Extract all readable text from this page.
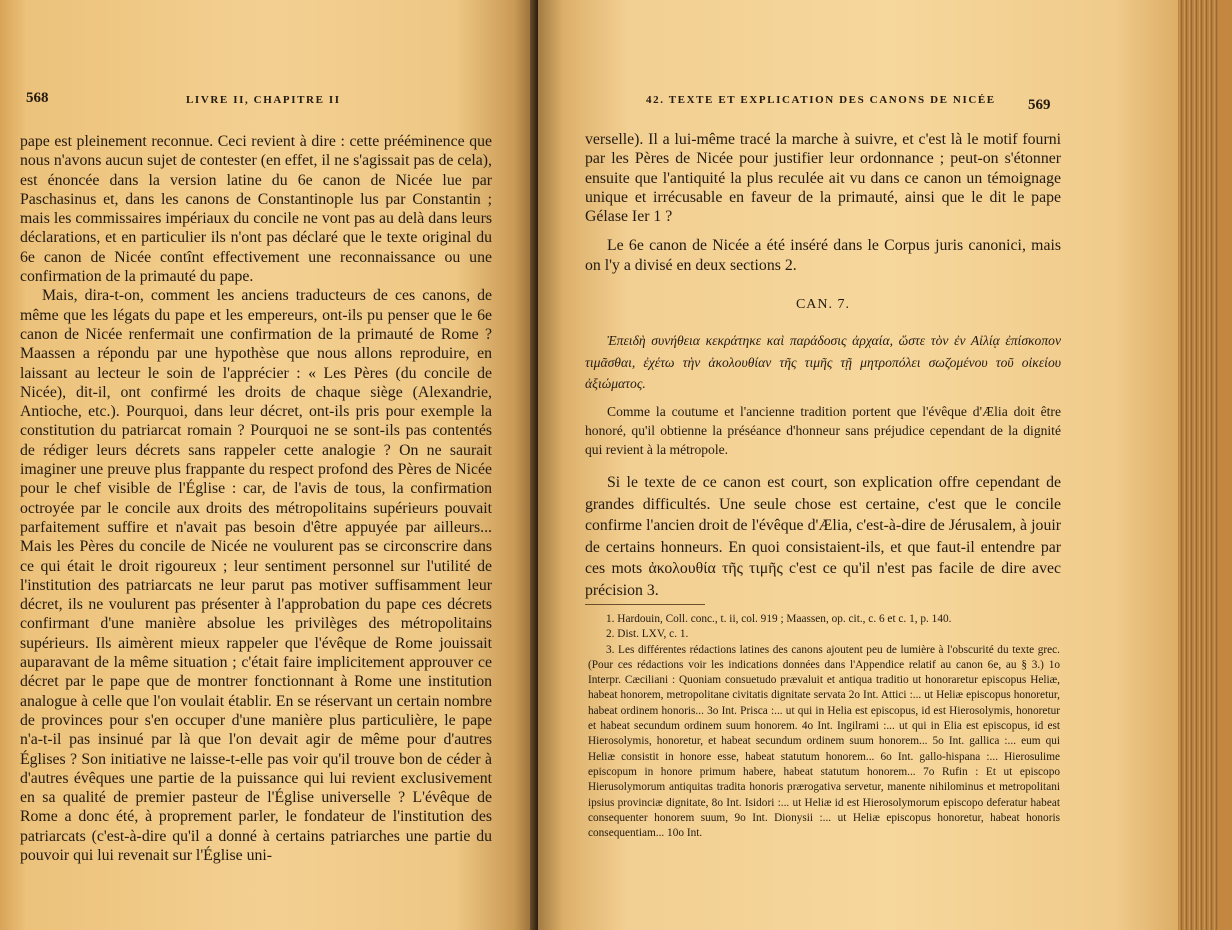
568	LIVRE II, CHAPITRE II

pape est pleinement reconnue. Ceci revient à dire : cette prééminence que nous n'avons aucun sujet de contester (en effet, il ne s'agissait pas de cela), est énoncée dans la version latine du 6e canon de Nicée lue par Paschasinus et, dans les canons de Constantinople lus par Constantin ; mais les commissaires impériaux du concile ne vont pas au delà dans leurs déclarations, et en particulier ils n'ont pas déclaré que le texte original du 6e canon de Nicée contînt effectivement une reconnaissance ou une confirmation de la primauté du pape.

Mais, dira-t-on, comment les anciens traducteurs de ces canons, de même que les légats du pape et les empereurs, ont-ils pu penser que le 6e canon de Nicée renfermait une confirmation de la primauté de Rome ? Maassen a répondu par une hypothèse que nous allons reproduire, en laissant au lecteur le soin de l'apprécier : « Les Pères (du concile de Nicée), dit-il, ont confirmé les droits de chaque siège (Alexandrie, Antioche, etc.). Pourquoi, dans leur décret, ont-ils pris pour exemple la constitution du patriarcat romain ? Pourquoi ne se sont-ils pas contentés de rédiger leurs décrets sans rappeler cette analogie ? On ne saurait imaginer une preuve plus frappante du respect profond des Pères de Nicée pour le chef visible de l'Église : car, de l'avis de tous, la confirmation octroyée par le concile aux droits des métropolitains supérieurs pouvait parfaitement suffire et n'avait pas besoin d'être appuyée par ailleurs... Mais les Pères du concile de Nicée ne voulurent pas se circonscrire dans ce qui était le droit rigoureux ; leur sentiment personnel sur l'utilité de l'institution des patriarcats ne leur parut pas motiver suffisamment leur décret, ils ne voulurent pas présenter à l'approbation du pape ces décrets confirmant d'une manière absolue les privilèges des métropolitains supérieurs. Ils aimèrent mieux rappeler que l'évêque de Rome jouissait auparavant de la même situation ; c'était faire implicitement approuver ce décret par le pape que de montrer fonctionnant à Rome une institution analogue à celle que l'on voulait établir. En se réservant un certain nombre de provinces pour s'en occuper d'une manière plus particulière, le pape n'a-t-il pas insinué par là que l'on devait agir de même pour d'autres Églises ? Son initiative ne laisse-t-elle pas voir qu'il trouve bon de céder à d'autres évêques une partie de la puissance qui lui revient exclusivement en sa qualité de premier pasteur de l'Église universelle ? L'évêque de Rome a donc été, à proprement parler, le fondateur de l'institution des patriarcats (c'est-à-dire qu'il a donné à certains patriarches une partie du pouvoir qui lui revenait sur l'Église uni-

42. TEXTE ET EXPLICATION DES CANONS DE NICÉE 569

verselle). Il a lui-même tracé la marche à suivre, et c'est là le motif fourni par les Pères de Nicée pour justifier leur ordonnance ; peut-on s'étonner ensuite que l'antiquité la plus reculée ait vu dans ce canon un témoignage unique et irrécusable en faveur de la primauté, ainsi que le dit le pape Gélase Ier 1 ?

Le 6e canon de Nicée a été inséré dans le Corpus juris canonici, mais on l'y a divisé en deux sections 2.

CAN. 7.
Ἐπειδὴ συνήθεια κεκράτηκε καὶ παράδοσις ἀρχαία, ὥστε τὸν ἐν Αἰλίᾳ ἐπίσκοπον τιμᾶσθαι, ἐχέτω τὴν ἀκολουθίαν τῆς τιμῆς τῇ μητροπόλει σωζομένου τοῦ οἰκείου ἀξιώματος.
Comme la coutume et l'ancienne tradition portent que l'évêque d'Ælia doit être honoré, qu'il obtienne la préséance d'honneur sans préjudice cependant de la dignité qui revient à la métropole.
Si le texte de ce canon est court, son explication offre cependant de grandes difficultés. Une seule chose est certaine, c'est que le concile confirme l'ancien droit de l'évêque d'Ælia, c'est-à-dire de Jérusalem, à jouir de certains honneurs. En quoi consistaient-ils, et que faut-il entendre par ces mots ἀκολουθία τῆς τιμῆς c'est ce qu'il n'est pas facile de dire avec précision 3.

1. Hardouin, Coll. conc., t. ii, col. 919 ; Maassen, op. cit., c. 6 et c. 1, p. 140.

2. Dist. LXV, c. 1.

3. Les différentes rédactions latines des canons ajoutent peu de lumière à l'obscurité du texte grec. (Pour ces rédactions voir les indications données dans l'Appendice relatif au canon 6e, au § 3.) 1o Interpr. Cæciliani : Quoniam consuetudo prævaluit et antiqua traditio ut honoraretur episcopus Heliæ, habeat honorem, metropolitane civitatis dignitate servata 2o Int. Attici :... ut Heliæ episcopus honoretur, habeat ordinem honoris... 3o Int. Prisca :... ut qui in Helia est episcopus, id est Hierosolymis, honoretur et habeat secundum ordinem suum honorem. 4o Int. Ingilrami :... ut qui in Elia est episcopus, id est Hierosolymis, honoretur, et habeat secundum ordinem suum honorem... 5o Int. gallica :... eum qui Heliæ consistit in honore esse, habeat statutum honorem... 6o Int. gallo-hispana :... Hierosulime episcopum in honore primum habere, habeat statutum honorem... 7o Rufin : Et ut episcopo Hierusolymorum antiquitas tradita honoris prærogativa servetur, manente nihilominus et metropolitani ipsius provinciæ dignitate, 8o Int. Isidori :... ut Heliæ id est Hierosolymorum episcopo deferatur habeat consequenter honorem suum, 9o Int. Dionysii :... ut Heliæ episcopus honoretur, habeat honoris consequentiam... 10o Int.
